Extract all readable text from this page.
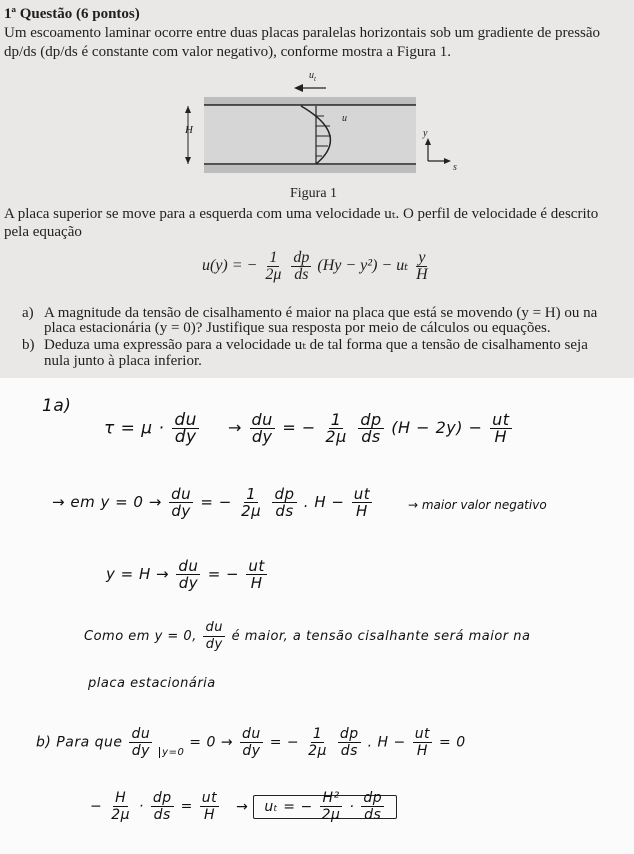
1ª Questão (6 pontos)
Um escoamento laminar ocorre entre duas placas paralelas horizontais sob um gradiente de pressão
dp/ds (dp/ds é constante com valor negativo), conforme mostra a Figura 1.
$u_t$
u
H	y
s
Figura 1
A placa superior se move para a esquerda com uma velocidade uₜ. O perfil de velocidade é descrito
pela equação
u(y) = − $\frac{1}{2\mu}$
$\frac{dp}{ds} (Hy - y^2) - u_t \frac{y}{H}$
a) A magnitude da tensão de cisalhamento é maior na placa que está se movendo (y = H) ou na
placa estacionária (y = 0)? Justifique sua resposta por meio de cálculos ou equações.
b) Deduza uma expressão para a velocidade uₜ de tal forma que a tensão de cisalhamento seja
nula junto à placa inferior.
1a)
$\tau = \mu \cdot \frac{du}{dy} \to \frac{du}{dy}$ = − $\frac{1}{2\mu}$
$\frac{dp}{ds} (H - 2y) - \frac{ut}{H}$
→ em $y = 0 \to \frac{du}{dy}$ = − $\frac{1}{2\mu}$
$\frac{dp}{ds}$ . $H - \frac{ut}{H}$	→ maior valor negativo
$y = H \to \frac{du}{dy}$ = − $\frac{ut}{H}$
Como em y = 0, $\frac{du}{dy}$ é maior, a tensão cisalhante será maior na
placa estacionária
b) Para que $\frac{du}{dy} _{y=0} = 0 \to \frac{du}{dy}$ = − $\frac{1}{2\mu}$
$\frac{dp}{ds}$ . $H - \frac{ut}{H} = 0$
− $\frac{H}{2\mu} \cdot \frac{dp}{ds} = \frac{ut}{H} \to u_t$ = − $\frac{\text{H²}}{2\mu} \cdot \frac{dp}{ds}$
